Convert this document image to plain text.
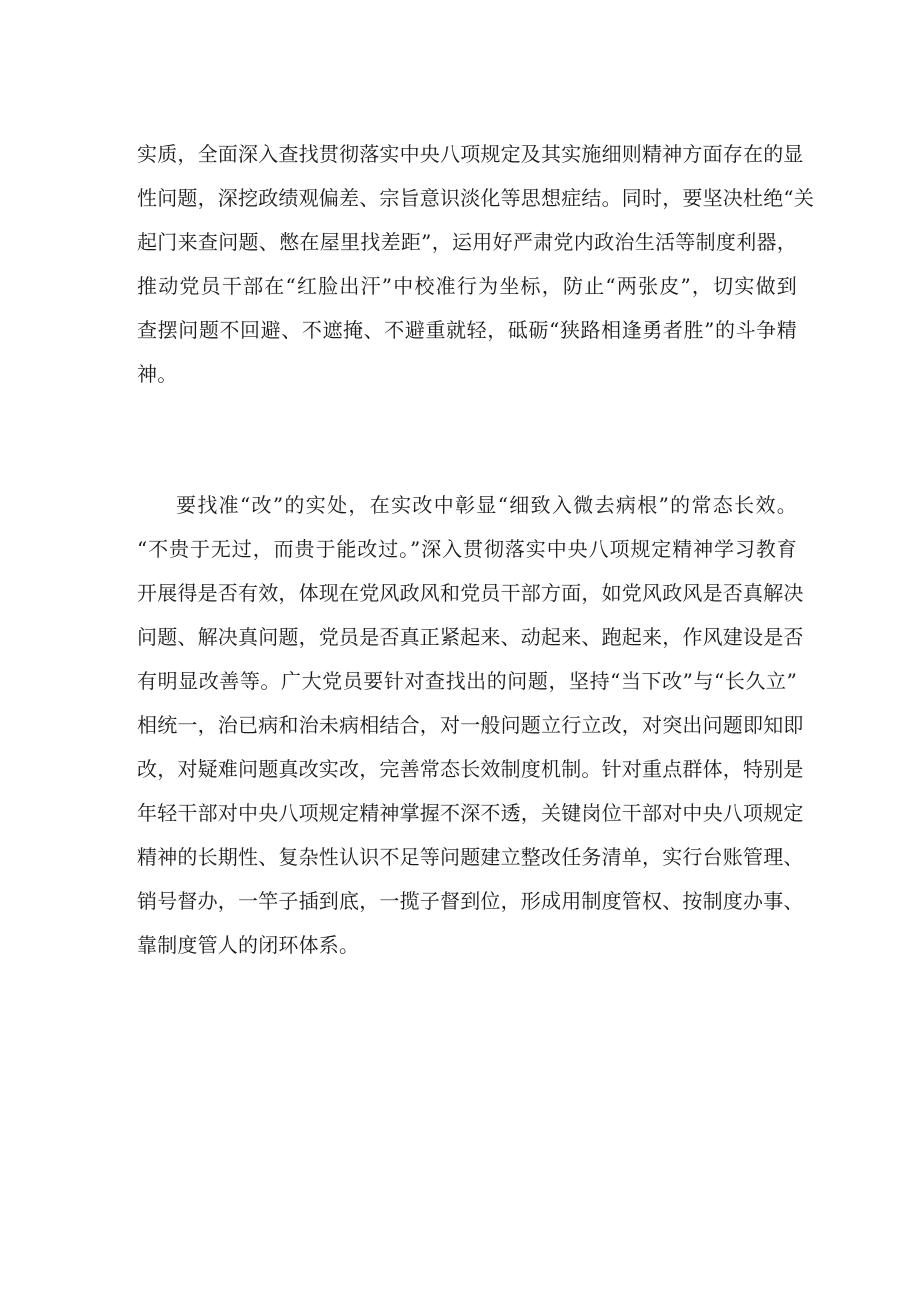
实质，全面深入查找贯彻落实中央八项规定及其实施细则精神方面存在的显
性问题，深挖政绩观偏差、宗旨意识淡化等思想症结。同时，要坚决杜绝“关
起门来查问题、憋在屋里找差距”，运用好严肃党内政治生活等制度利器，
推动党员干部在“红脸出汗”中校准行为坐标，防止“两张皮”，切实做到
查摆问题不回避、不遮掩、不避重就轻，砥砺“狭路相逢勇者胜”的斗争精
神。
要找准“改”的实处，在实改中彰显“细致入微去病根”的常态长效。
“不贵于无过，而贵于能改过。”深入贯彻落实中央八项规定精神学习教育
开展得是否有效，体现在党风政风和党员干部方面，如党风政风是否真解决
问题、解决真问题，党员是否真正紧起来、动起来、跑起来，作风建设是否
有明显改善等。广大党员要针对查找出的问题，坚持“当下改”与“长久立”
相统一，治已病和治未病相结合，对一般问题立行立改，对突出问题即知即
改，对疑难问题真改实改，完善常态长效制度机制。针对重点群体，特别是
年轻干部对中央八项规定精神掌握不深不透，关键岗位干部对中央八项规定
精神的长期性、复杂性认识不足等问题建立整改任务清单，实行台账管理、
销号督办，一竿子插到底，一揽子督到位，形成用制度管权、按制度办事、
靠制度管人的闭环体系。
